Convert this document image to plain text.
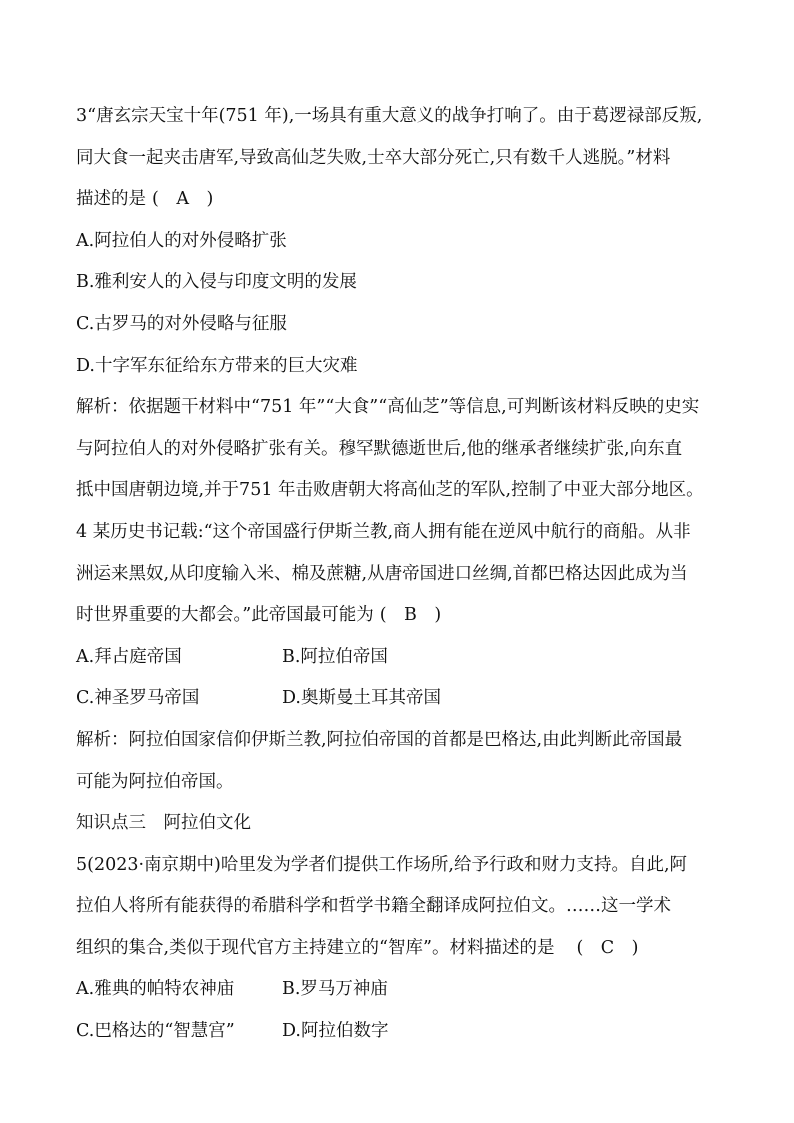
3“唐玄宗天宝十年(751 年),一场具有重大意义的战争打响了。由于葛逻禄部反叛,
同大食一起夹击唐军,导致高仙芝失败,士卒大部分死亡,只有数千人逃脱。”材料
描述的是 (　A　)
A.阿拉伯人的对外侵略扩张
B.雅利安人的入侵与印度文明的发展
C.古罗马的对外侵略与征服
D.十字军东征给东方带来的巨大灾难
解析：依据题干材料中“751 年”“大食”“高仙芝”等信息,可判断该材料反映的史实
与阿拉伯人的对外侵略扩张有关。穆罕默德逝世后,他的继承者继续扩张,向东直
抵中国唐朝边境,并于751 年击败唐朝大将高仙芝的军队,控制了中亚大部分地区。
4 某历史书记载:“这个帝国盛行伊斯兰教,商人拥有能在逆风中航行的商船。从非
洲运来黑奴,从印度输入米、棉及蔗糖,从唐帝国进口丝绸,首都巴格达因此成为当
时世界重要的大都会。”此帝国最可能为 (　B　)
A.拜占庭帝国	B.阿拉伯帝国
C.神圣罗马帝国	D.奥斯曼土耳其帝国
解析：阿拉伯国家信仰伊斯兰教,阿拉伯帝国的首都是巴格达,由此判断此帝国最
可能为阿拉伯帝国。
知识点三　阿拉伯文化
5(2023·南京期中)哈里发为学者们提供工作场所,给予行政和财力支持。自此,阿
拉伯人将所有能获得的希腊科学和哲学书籍全翻译成阿拉伯文。……这一学术
组织的集合,类似于现代官方主持建立的“智库”。材料描述的是 (　C　)
A.雅典的帕特农神庙	B.罗马万神庙
C.巴格达的“智慧宫”	D.阿拉伯数字
